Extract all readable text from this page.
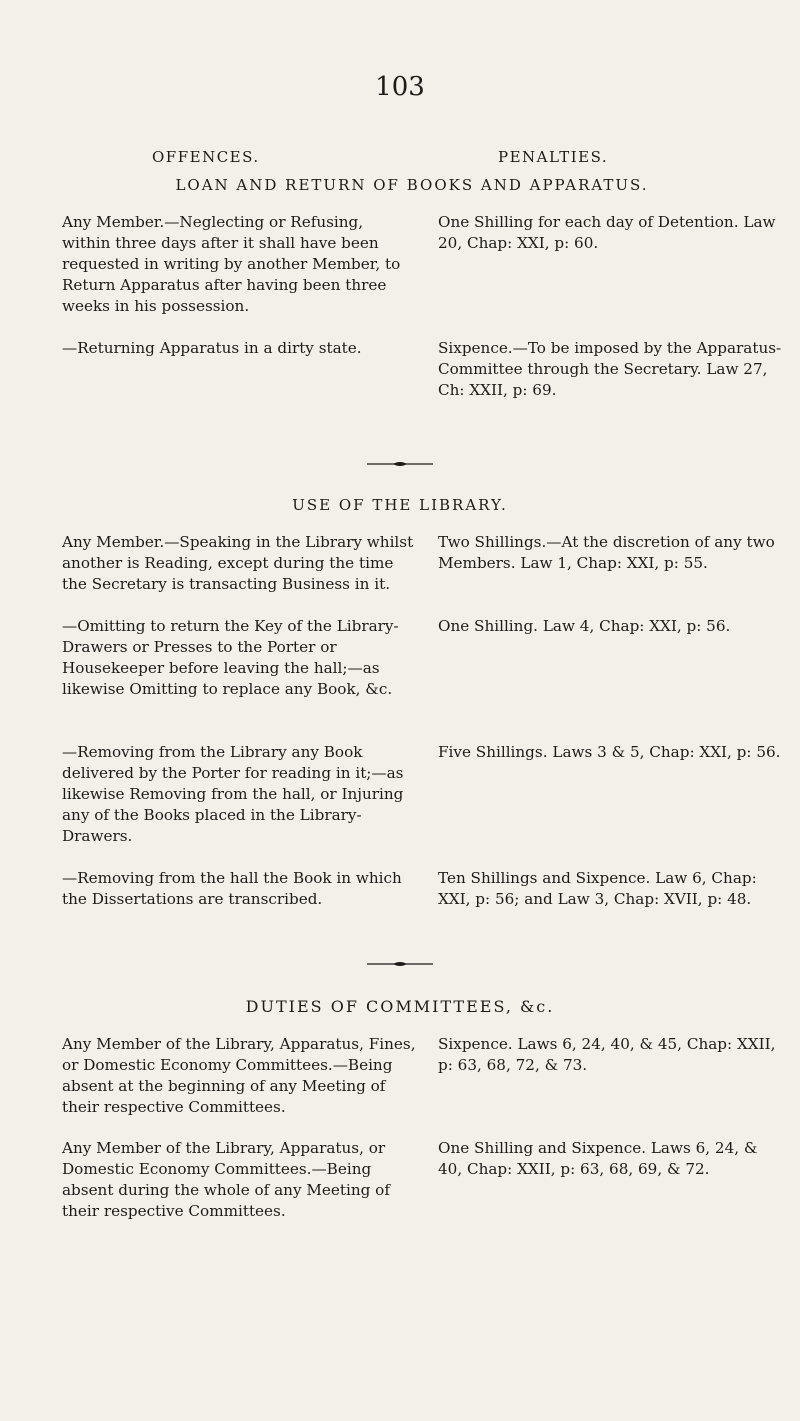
103
OFFENCES.	PENALTIES.
LOAN AND RETURN OF BOOKS AND APPARATUS.
Any Member.—Neglecting or Refusing, within three days after it shall have been requested in writing by another Member, to Return Apparatus after having been three weeks in his possession.
One Shilling for each day of Detention. Law 20, Chap: XXI, p: 60.
—Returning Apparatus in a dirty state.	Sixpence.—To be imposed by the Apparatus-Committee through the Secretary. Law 27, Ch: XXII, p: 69.
USE OF THE LIBRARY.
Any Member.—Speaking in the Library whilst another is Reading, except during the time the Secretary is transacting Business in it.
Two Shillings.—At the discretion of any two Members. Law 1, Chap: XXI, p: 55.
—Omitting to return the Key of the Library-Drawers or Presses to the Porter or Housekeeper before leaving the hall;—as likewise Omitting to replace any Book, &c.
One Shilling. Law 4, Chap: XXI, p: 56.
—Removing from the Library any Book delivered by the Porter for reading in it;—as likewise Removing from the hall, or Injuring any of the Books placed in the Library-Drawers.
Five Shillings. Laws 3 & 5, Chap: XXI, p: 56.
—Removing from the hall the Book in which the Dissertations are transcribed.
Ten Shillings and Sixpence. Law 6, Chap: XXI, p: 56; and Law 3, Chap: XVII, p: 48.
DUTIES OF COMMITTEES, &c.
Any Member of the Library, Apparatus, Fines, or Domestic Economy Committees.—Being absent at the beginning of any Meeting of their respective Committees.
Sixpence. Laws 6, 24, 40, & 45, Chap: XXII, p: 63, 68, 72, & 73.
Any Member of the Library, Apparatus, or Domestic Economy Committees.—Being absent during the whole of any Meeting of their respective Committees.
One Shilling and Sixpence. Laws 6, 24, & 40, Chap: XXII, p: 63, 68, 69, & 72.
